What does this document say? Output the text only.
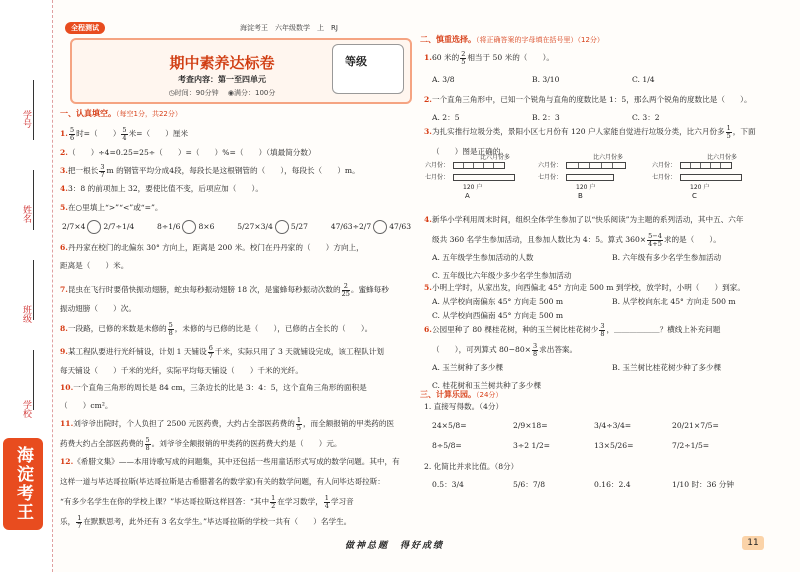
学号
姓名
班级
学校
海淀考王
全程测试	海淀考王　六年级数学　上　RJ
期中素养达标卷
考查内容：第一至四单元
◷时间：90分钟 　 ◉满分：100分
等级
一、认真填空。（每空1分，共22分）
1. $\frac{5}{6}$ 时=（　　） $\frac{5}{4}$ 米=（　　）厘米
2.（　　）÷4=0.25=25÷（　　）=（　　）%=（　　）（填最简分数）
3.把一根长 $\frac{3}{7}$ m 的钢管平均分成4段，每段长是这根钢管的（　　），每段长（　　）m。
4.3：8 的前项加上 32，要使比值不变，后项应加（　　）。
5.在○里填上“>”“<”或“=”。
6.丹丹家在校门的北偏东 30° 方向上，距离是 200 米。校门在丹丹家的（　　）方向上，
距离是（　　）米。
7.昆虫在飞行时要借快振动翅膀，蛇虫每秒振动翅膀 18 次，是蜜蜂每秒振动次数的 $\frac{2}{25}$ 。蜜蜂每秒
振动翅膀（　　）次。
8.一段路，已修的米数是未修的 $\frac{5}{8}$ ，未修的与已修的比是（　　），已修的占全长的（　　）。
9.某工程队要进行光纤铺设，计划 1 天铺设 $\frac{6}{7}$ 千米，实际只用了 3 天就铺设完成，该工程队计划
每天铺设（　　）千米的光纤，实际平均每天铺设（　　）千米的光纤。
10.一个直角三角形的周长是 84 cm，三条边长的比是 3：4：5，这个直角三角形的面积是
（　　）cm²。
11.刘爷爷出院时，个人负担了 2500 元医药费，大约占全部医药费的 $\frac{1}{5}$ ，而全额报销的甲类药的医
药费大约占全部医药费的 $\frac{5}{8}$ 。刘爷爷全额报销的甲类药的医药费大约是（　　）元。
12.《希腊文集》——本用诗歌写成的问题集，其中还包括一些用童话形式写成的数学问题。其中，有
这样一道与毕达哥拉斯(毕达哥拉斯是古希腊著名的数学家)有关的数学问题，有人问毕达哥拉斯：
“有多少名学生在你的学校上课？”毕达哥拉斯这样回答：“其中 $\frac{1}{2}$ 在学习数学， $\frac{1}{4}$ 学习音
乐， $\frac{1}{7}$ 在默默思考，此外还有 3 名女学生。”毕达哥拉斯的学校一共有（　　）名学生。
2/7×4 2/7÷1/4　　　	8÷1/6 8×6　　　	5/27×3/4 5/27　　　	47/63÷2/7 47/63
二、慎重选择。（将正确答案的字母填在括号里）（12分）
1.60 米的 $\frac{2}{5}$ 相当于 50 米的（　　）。
A. 3/8	B. 3/10	C. 1/4
2.一个直角三角形中，已知一个锐角与直角的度数比是 1：5，那么两个锐角的度数比是（　　）。
A. 2：5	B. 2：3	C. 3：2
3.为扎实推行垃圾分类，景阳小区七月份有 120 户人家能自觉进行垃圾分类，比六月份多 $\frac{1}{5}$ ，下面
（　　）图是正确的。
4.新华小学利用周末时间，组织全体学生参加了以“快乐阅读”为主题的系列活动，其中五、六年
级共 360 名学生参加活动，且参加人数比为 4：5。算式 $360\times \frac{5-4}{4+5}$ 求的是（　　）。
A. 五年级学生参加活动的人数	B. 六年级有多少名学生参加活动
C. 五年级比六年级少多少名学生参加活动
5.小明上学时，从家出发，向西偏北 45° 方向走 500 m 到学校，放学时，小明（　　）到家。
A. 从学校向南偏东 45° 方向走 500 m	B. 从学校向东北 45° 方向走 500 m
C. 从学校向西偏南 45° 方向走 500 m
6.公园里种了 80 棵桂花树，种的玉兰树比桂花树少 $\frac{3}{8}$ ，＿＿＿＿＿＿？横线上补充问题
（　　），可列算式 $80-80\times \frac{3}{8}$ 求出答案。
A. 玉兰树种了多少棵	B. 玉兰树比桂花树少种了多少棵
C. 桂花树和玉兰树共种了多少棵
六月份：
七月份：
比六月份多
120 户
A
六月份：
七月份：
比六月份多
120 户
B
六月份：
七月份：
比六月份多
120 户
C
三、计算乐园。（24分）
1. 直接写得数。（4分）
24×5/8=	2/9×18=	3/4÷3/4=	20/21×7/5=
8÷5/8=	3÷2 1/2=	13×5/26=	7/2÷1/5=
0.5：3/4	5/6：7/8	0.16：2.4	1/10 时：36 分钟
2. 化简比并求比值。（8分）
做神总题　得好成绩	11
